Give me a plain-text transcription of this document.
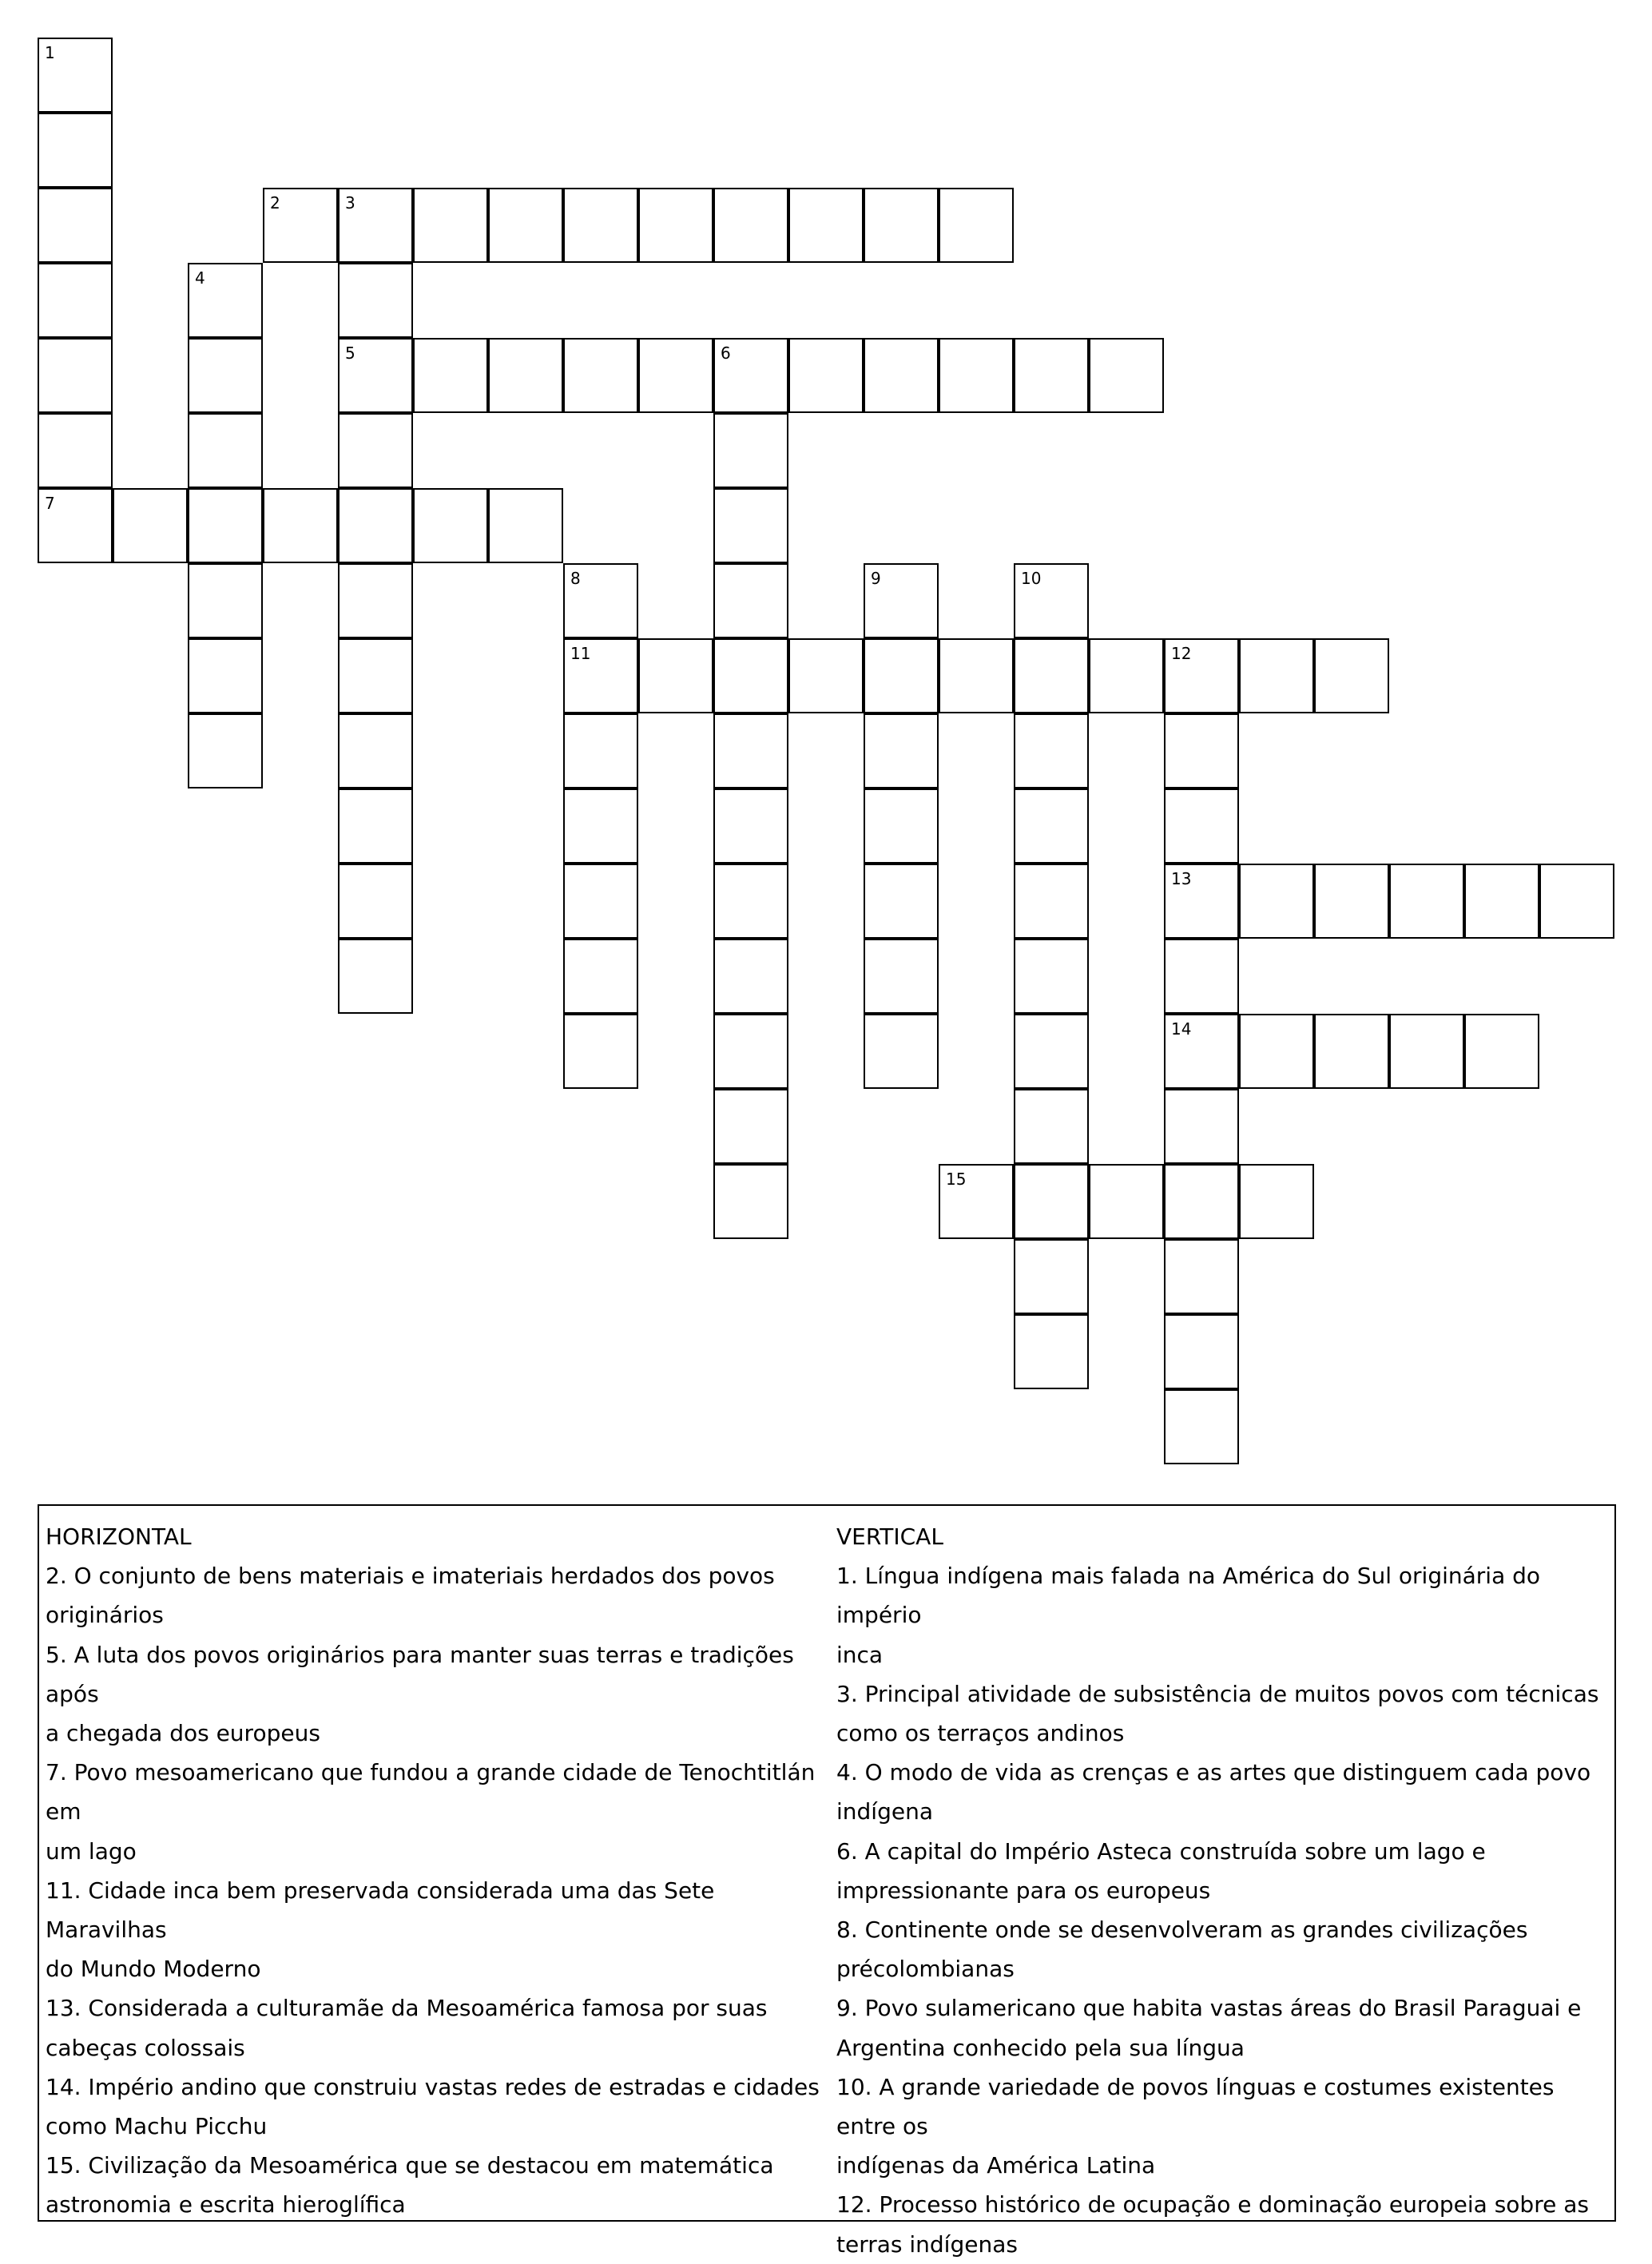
1
7
2	3
5
4
6
8
11
9	10
12
13
14
15
HORIZONTAL
2. O conjunto de bens materiais e imateriais herdados dos povos
originários
5. A luta dos povos originários para manter suas terras e tradições após
a chegada dos europeus
7. Povo mesoamericano que fundou a grande cidade de Tenochtitlán em
um lago
11. Cidade inca bem preservada considerada uma das Sete Maravilhas
do Mundo Moderno
13. Considerada a culturamãe da Mesoamérica famosa por suas
cabeças colossais
14. Império andino que construiu vastas redes de estradas e cidades
como Machu Picchu
15. Civilização da Mesoamérica que se destacou em matemática
astronomia e escrita hieroglífica
VERTICAL
1. Língua indígena mais falada na América do Sul originária do império
inca
3. Principal atividade de subsistência de muitos povos com técnicas
como os terraços andinos
4. O modo de vida as crenças e as artes que distinguem cada povo
indígena
6. A capital do Império Asteca construída sobre um lago e
impressionante para os europeus
8. Continente onde se desenvolveram as grandes civilizações
précolombianas
9. Povo sulamericano que habita vastas áreas do Brasil Paraguai e
Argentina conhecido pela sua língua
10. A grande variedade de povos línguas e costumes existentes entre os
indígenas da América Latina
12. Processo histórico de ocupação e dominação europeia sobre as
terras indígenas
